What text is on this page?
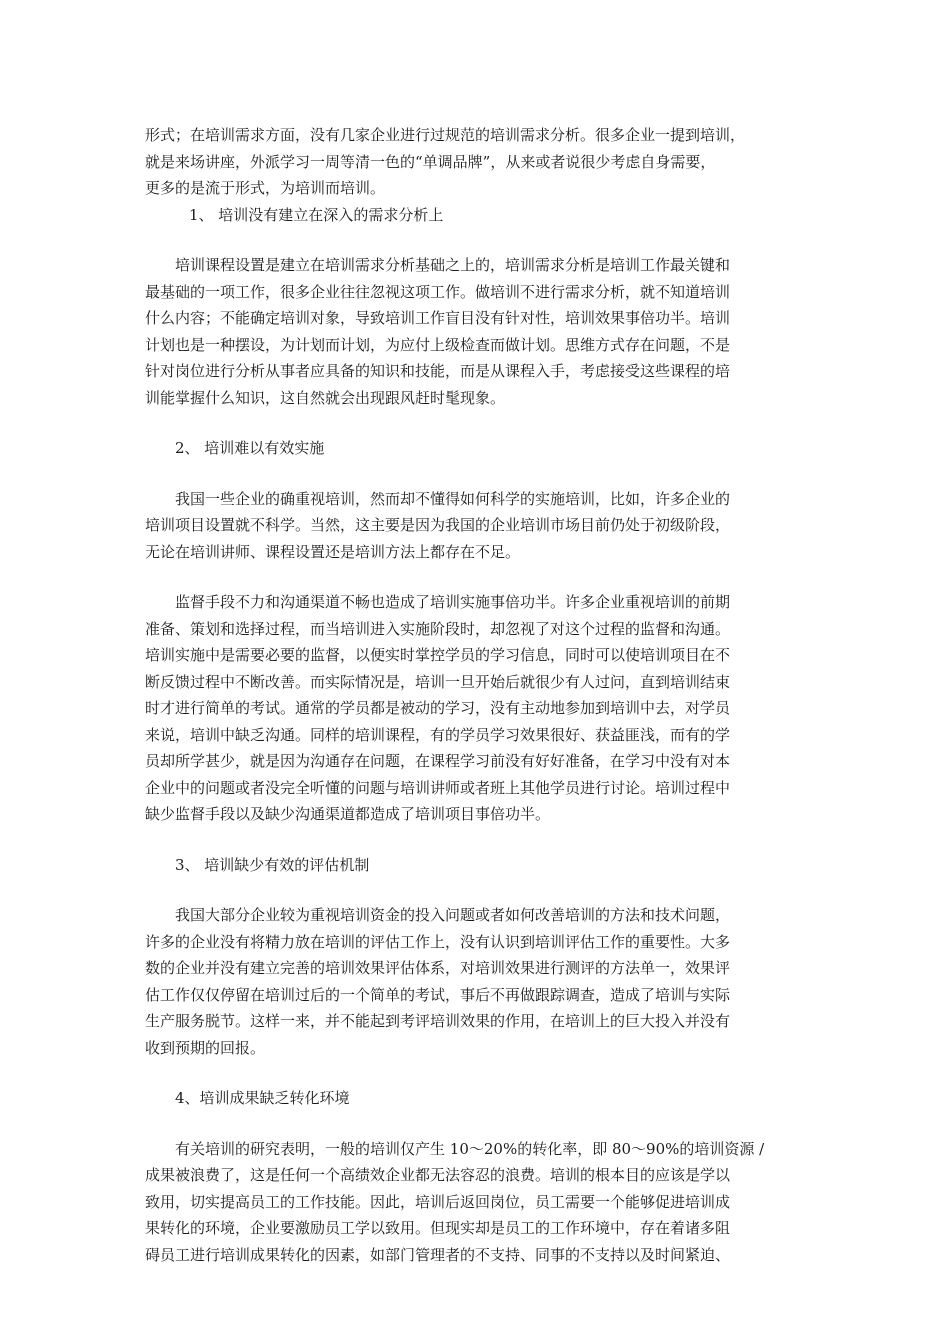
形式；在培训需求方面，没有几家企业进行过规范的培训需求分析。很多企业一提到培训，
就是来场讲座，外派学习一周等清一色的“单调品牌”，从来或者说很少考虑自身需要，
更多的是流于形式，为培训而培训。
1、 培训没有建立在深入的需求分析上
培训课程设置是建立在培训需求分析基础之上的，培训需求分析是培训工作最关键和
最基础的一项工作，很多企业往往忽视这项工作。做培训不进行需求分析，就不知道培训
什么内容；不能确定培训对象，导致培训工作盲目没有针对性，培训效果事倍功半。培训
计划也是一种摆设，为计划而计划，为应付上级检查而做计划。思维方式存在问题，不是
针对岗位进行分析从事者应具备的知识和技能，而是从课程入手，考虑接受这些课程的培
训能掌握什么知识，这自然就会出现跟风赶时髦现象。
2、 培训难以有效实施
我国一些企业的确重视培训，然而却不懂得如何科学的实施培训，比如，许多企业的
培训项目设置就不科学。当然，这主要是因为我国的企业培训市场目前仍处于初级阶段，
无论在培训讲师、课程设置还是培训方法上都存在不足。
监督手段不力和沟通渠道不畅也造成了培训实施事倍功半。许多企业重视培训的前期
准备、策划和选择过程，而当培训进入实施阶段时，却忽视了对这个过程的监督和沟通。
培训实施中是需要必要的监督，以便实时掌控学员的学习信息，同时可以使培训项目在不
断反馈过程中不断改善。而实际情况是，培训一旦开始后就很少有人过问，直到培训结束
时才进行简单的考试。通常的学员都是被动的学习，没有主动地参加到培训中去，对学员
来说，培训中缺乏沟通。同样的培训课程，有的学员学习效果很好、获益匪浅，而有的学
员却所学甚少，就是因为沟通存在问题，在课程学习前没有好好准备，在学习中没有对本
企业中的问题或者没完全听懂的问题与培训讲师或者班上其他学员进行讨论。培训过程中
缺少监督手段以及缺少沟通渠道都造成了培训项目事倍功半。
3、 培训缺少有效的评估机制
我国大部分企业较为重视培训资金的投入问题或者如何改善培训的方法和技术问题，
许多的企业没有将精力放在培训的评估工作上，没有认识到培训评估工作的重要性。大多
数的企业并没有建立完善的培训效果评估体系，对培训效果进行测评的方法单一，效果评
估工作仅仅停留在培训过后的一个简单的考试，事后不再做跟踪调查，造成了培训与实际
生产服务脱节。这样一来，并不能起到考评培训效果的作用，在培训上的巨大投入并没有
收到预期的回报。
4、培训成果缺乏转化环境
有关培训的研究表明，一般的培训仅产生 10～20%的转化率，即 80～90%的培训资源 /
成果被浪费了，这是任何一个高绩效企业都无法容忍的浪费。培训的根本目的应该是学以
致用，切实提高员工的工作技能。因此，培训后返回岗位，员工需要一个能够促进培训成
果转化的环境，企业要激励员工学以致用。但现实却是员工的工作环境中，存在着诸多阻
碍员工进行培训成果转化的因素，如部门管理者的不支持、同事的不支持以及时间紧迫、
